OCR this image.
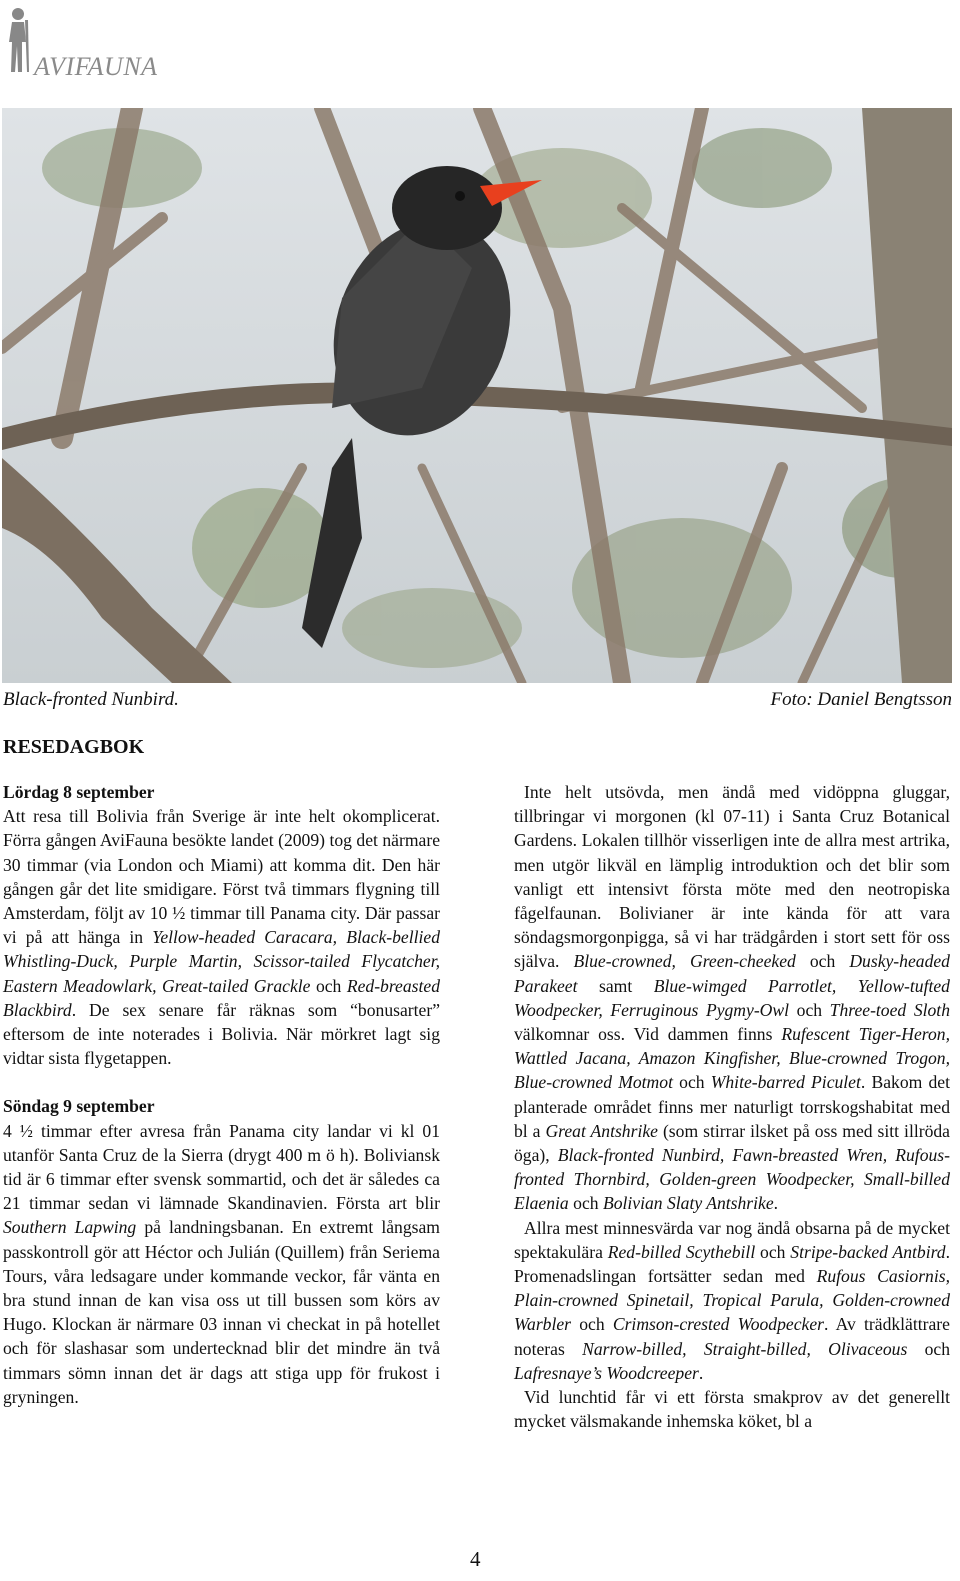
AVIFAUNA
Black-fronted Nunbird.	Foto: Daniel Bengtsson
RESEDAGBOK
Lördag 8 september

Att resa till Bolivia från Sverige är inte helt okomplicerat. Förra gången AviFauna besökte landet (2009) tog det närmare 30 timmar (via London och Miami) att komma dit. Den här gången går det lite smidigare. Först två timmars flygning till Amsterdam, följt av 10 ½ timmar till Panama city. Där passar vi på att hänga in Yellow-headed Caracara, Black-bellied Whistling-Duck, Purple Martin, Scissor-tailed Flycatcher, Eastern Meadowlark, Great-tailed Grackle och Red-breasted Blackbird. De sex senare får räknas som “bonusarter” eftersom de inte noterades i Bolivia. När mörkret lagt sig vidtar sista flygetappen.

Söndag 9 september

4 ½ timmar efter avresa från Panama city landar vi kl 01 utanför Santa Cruz de la Sierra (drygt 400 m ö h). Boliviansk tid är 6 timmar efter svensk sommartid, och det är således ca 21 timmar sedan vi lämnade Skandinavien. Första art blir Southern Lapwing på landningsbanan. En extremt långsam passkontroll gör att Héctor och Julián (Quillem) från Seriema Tours, våra ledsagare under kommande veckor, får vänta en bra stund innan de kan visa oss ut till bussen som körs av Hugo. Klockan är närmare 03 innan vi checkat in på hotellet och för slashasar som undertecknad blir det mindre än två timmars sömn innan det är dags att stiga upp för frukost i gryningen.

Inte helt utsövda, men ändå med vidöppna gluggar, tillbringar vi morgonen (kl 07-11) i Santa Cruz Botanical Gardens. Lokalen tillhör visserligen inte de allra mest artrika, men utgör likväl en lämplig introduktion och det blir som vanligt ett intensivt första möte med den neotropiska fågelfaunan. Bolivianer är inte kända för att vara söndagsmorgonpigga, så vi har trädgården i stort sett för oss själva. Blue-crowned, Green-cheeked och Dusky-headed Parakeet samt Blue-wimged Parrotlet, Yellow-tufted Woodpecker, Ferruginous Pygmy-Owl och Three-toed Sloth välkomnar oss. Vid dammen finns Rufescent Tiger-Heron, Wattled Jacana, Amazon Kingfisher, Blue-crowned Trogon, Blue-crowned Motmot och White-barred Piculet. Bakom det planterade området finns mer naturligt torrskogshabitat med bl a Great Antshrike (som stirrar ilsket på oss med sitt illröda öga), Black-fronted Nunbird, Fawn-breasted Wren, Rufous-fronted Thornbird, Golden-green Woodpecker, Small-billed Elaenia och Bolivian Slaty Antshrike.

Allra mest minnesvärda var nog ändå obsarna på de mycket spektakulära Red-billed Scythebill och Stripe-backed Antbird. Promenadslingan fortsätter sedan med Rufous Casiornis, Plain-crowned Spinetail, Tropical Parula, Golden-crowned Warbler och Crimson-crested Woodpecker. Av trädklättrare noteras Narrow-billed, Straight-billed, Olivaceous och Lafresnaye’s Woodcreeper.

Vid lunchtid får vi ett första smakprov av det generellt mycket välsmakande inhemska köket, bl a

4
